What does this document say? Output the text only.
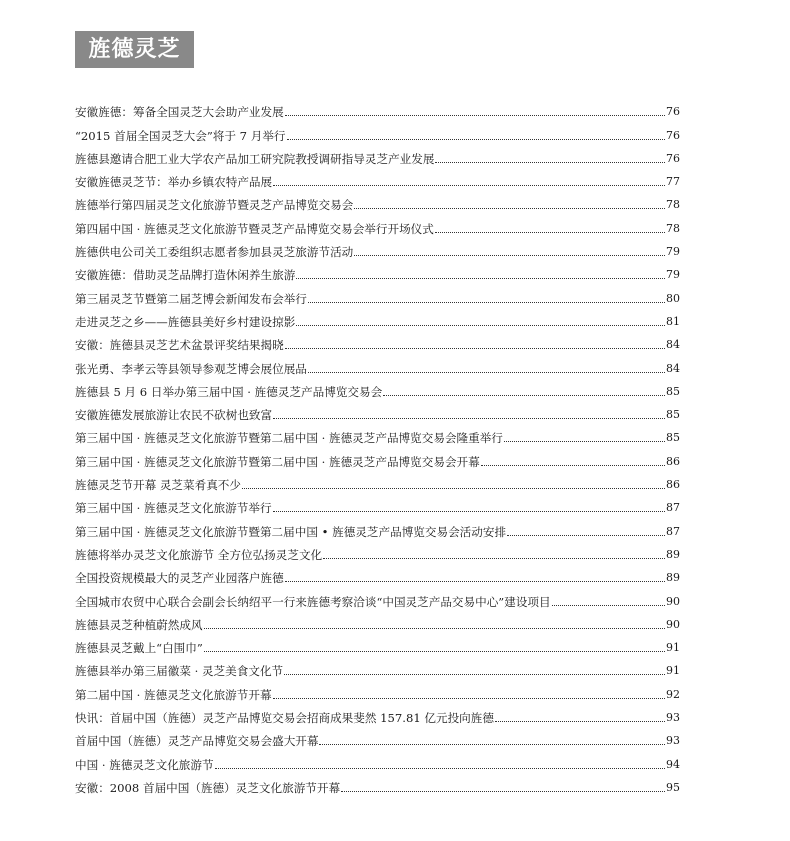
旌德灵芝
安徽旌德：筹备全国灵芝大会助产业发展	76
“2015 首届全国灵芝大会”将于 7 月举行	76
旌德县邀请合肥工业大学农产品加工研究院教授调研指导灵芝产业发展	76
安徽旌德灵芝节：举办乡镇农特产品展	77
旌德举行第四届灵芝文化旅游节暨灵芝产品博览交易会	78
第四届中国 · 旌德灵芝文化旅游节暨灵芝产品博览交易会举行开场仪式	78
旌德供电公司关工委组织志愿者参加县灵芝旅游节活动	79
安徽旌德：借助灵芝品牌打造休闲养生旅游	79
第三届灵芝节暨第二届芝博会新闻发布会举行	80
走进灵芝之乡——旌德县美好乡村建设掠影	81
安徽：旌德县灵芝艺术盆景评奖结果揭晓	84
张光勇、李孝云等县领导参观芝博会展位展品	84
旌德县 5 月 6 日举办第三届中国 · 旌德灵芝产品博览交易会	85
安徽旌德发展旅游让农民不砍树也致富	85
第三届中国 · 旌德灵芝文化旅游节暨第二届中国 · 旌德灵芝产品博览交易会隆重举行	85
第三届中国 · 旌德灵芝文化旅游节暨第二届中国 · 旌德灵芝产品博览交易会开幕	86
旌德灵芝节开幕 灵芝菜肴真不少	86
第三届中国 · 旌德灵芝文化旅游节举行	87
第三届中国 · 旌德灵芝文化旅游节暨第二届中国 • 旌德灵芝产品博览交易会活动安排	87
旌德将举办灵芝文化旅游节 全方位弘扬灵芝文化	89
全国投资规模最大的灵芝产业园落户旌德	89
全国城市农贸中心联合会副会长纳绍平一行来旌德考察洽谈“中国灵芝产品交易中心”建设项目	90
旌德县灵芝种植蔚然成风	90
旌德县灵芝戴上“白围巾”	91
旌德县举办第三届徽菜 · 灵芝美食文化节	91
第二届中国 · 旌德灵芝文化旅游节开幕	92
快讯：首届中国（旌德）灵芝产品博览交易会招商成果斐然 157.81 亿元投向旌德	93
首届中国（旌德）灵芝产品博览交易会盛大开幕	93
中国 · 旌德灵芝文化旅游节	94
安徽：2008 首届中国（旌德）灵芝文化旅游节开幕	95
